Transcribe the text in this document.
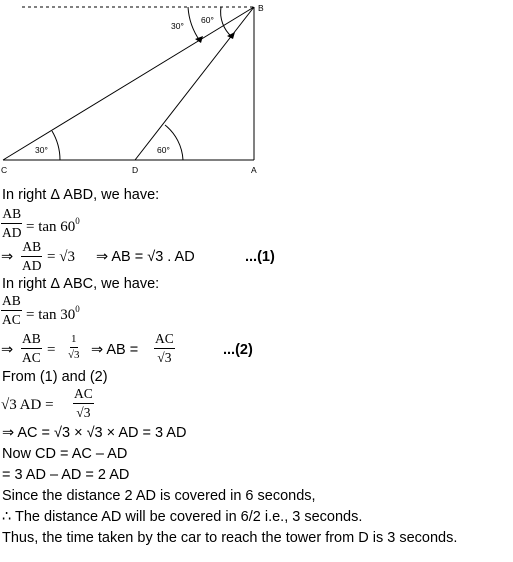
30°
60°
30°	60°
B
C	D	A
In right Δ ABD, we have:
$\frac{AB}{AD} = \tan 60^0$
⇒ $\frac{AB}{AD} = √3$ ⇒ AB = √3 . AD	...(1)
In right Δ ABC, we have:
$\frac{AB}{AC} = \tan 30^0$
⇒ $\frac{AB}{AC} = \frac{1}{√3}$ ⇒ AB = $\frac{AC}{√3}$	...(2)
From (1) and (2)
√3 AD = $\frac{AC}{√3}$
⇒ AC = √3 × √3 × AD = 3 AD
Now CD = AC – AD
= 3 AD – AD = 2 AD
Since the distance 2 AD is covered in 6 seconds,
∴ The distance AD will be covered in 6/2 i.e., 3 seconds.
Thus, the time taken by the car to reach the tower from D is 3 seconds.
